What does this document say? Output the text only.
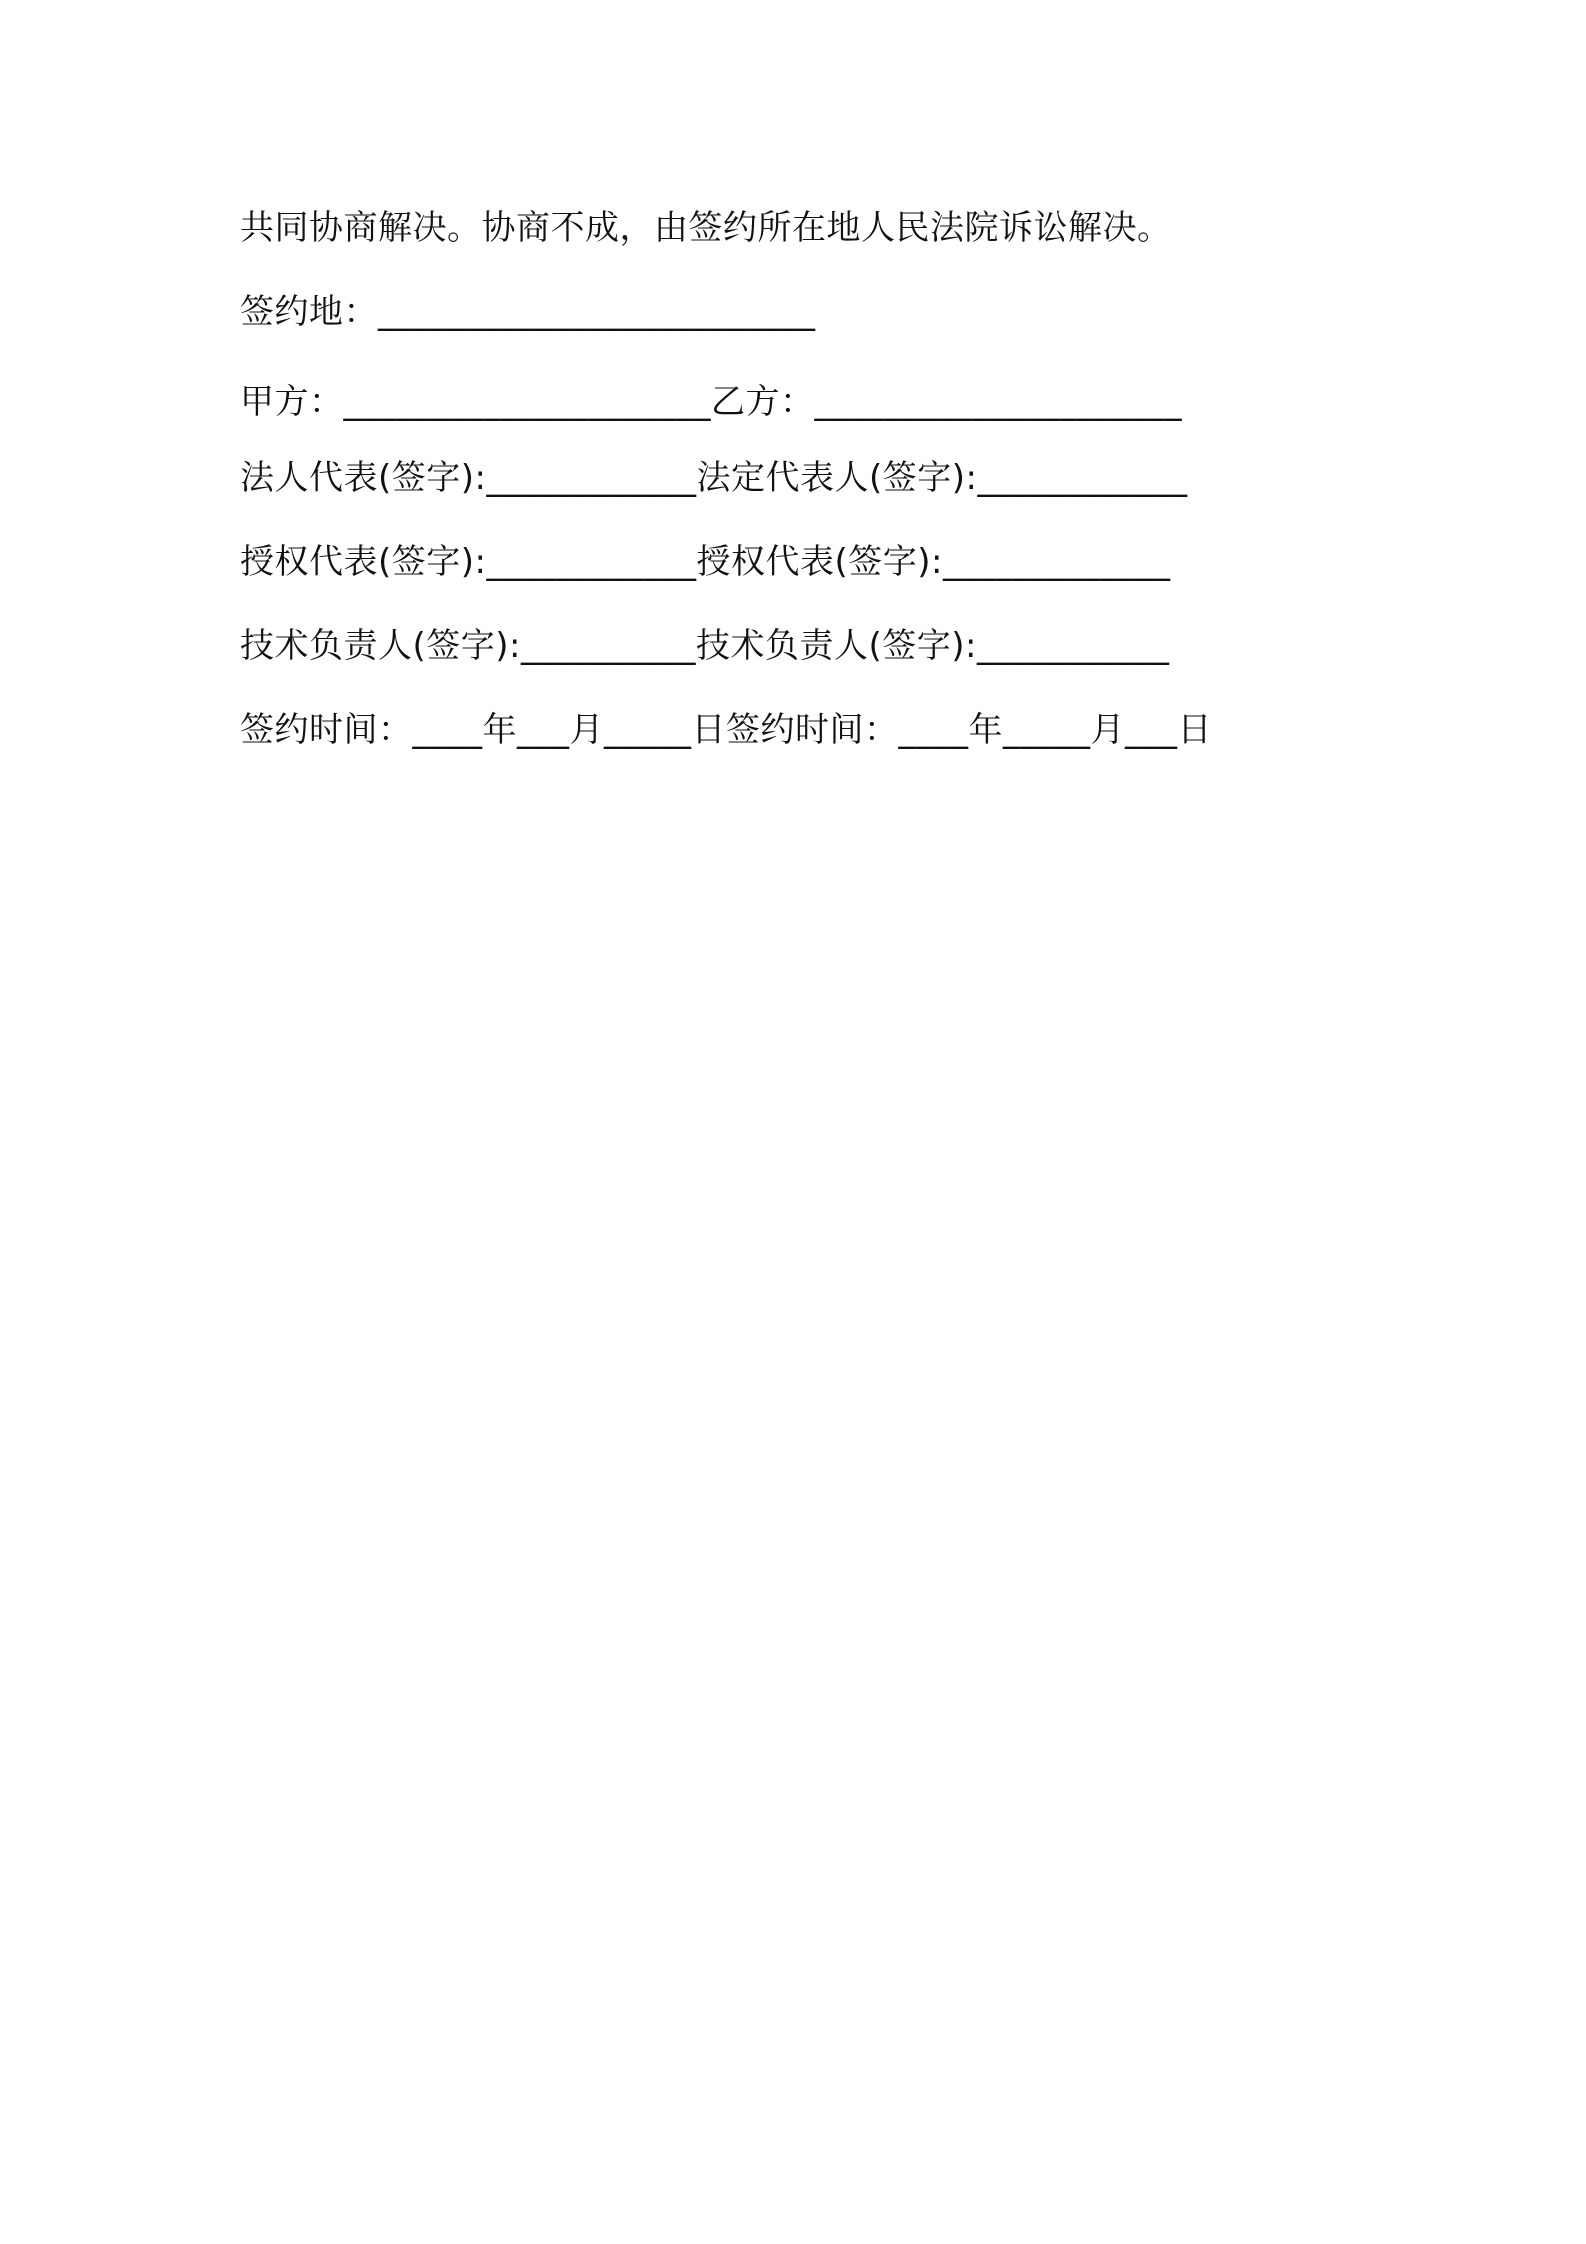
共同协商解决。协商不成，由签约所在地人民法院诉讼解决。
签约地：_________________________
甲方：_____________________乙方：_____________________
法人代表(签字):____________法定代表人(签字):____________
授权代表(签字):____________授权代表(签字):_____________
技术负责人(签字):__________技术负责人(签字):___________
签约时间：____年___月_____日签约时间：____年_____月___日
